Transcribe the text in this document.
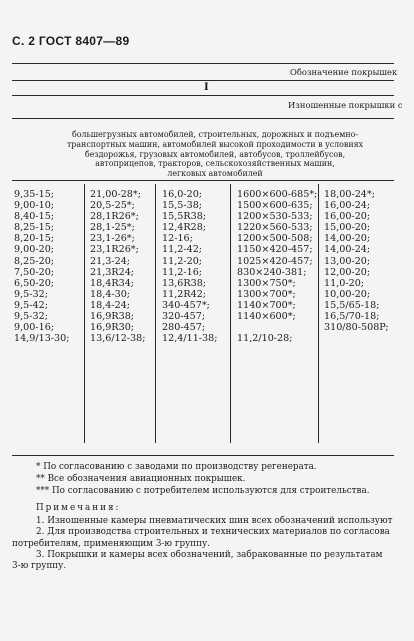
С. 2 ГОСТ 8407—89
Обозначение покрышек
I
Изношенные покрышки с
большегрузных автомобилей, строительных, дорожных и подъемно-
транспортных машин, автомобилей высокой проходимости в условиях
бездорожья, грузовых автомобилей, автобусов, троллейбусов,
автоприцепов, тракторов, сельскохозяйственных машин,
легковых автомобилей
9,35-15;
9,00-10;
8,40-15;
8,25-15;
8,20-15;
9,00-20;
8,25-20;
7,50-20;
6,50-20;
9,5-32;
9,5-42;
9,5-32;
9,00-16;
14,9/13-30;
21,00-28*;
20,5-25*;
28,1R26*;
28,1-25*;
23,1-26*;
23,1R26*;
21,3-24;
21,3R24;
18,4R34;
18,4-30;
18,4-24;
16,9R38;
16,9R30;
13,6/12-38;
16,0-20;
15,5-38;
15,5R38;
12,4R28;
12-16;
11,2-42;
11,2-20;
11,2-16;
13,6R38;
11,2R42;
340-457*;
320-457;
280-457;
12,4/11-38;
1600×600-685*;
1500×600-635;
1200×530-533;
1220×560-533;
1200×500-508;
1150×420-457;
1025×420-457;
830×240-381;
1300×750*;
1300×700*;
1140×700*;
1140×600*;
11,2/10-28;
18,00-24*;
16,00-24;
16,00-20;
15,00-20;
14,00-20;
14,00-24;
13,00-20;
12,00-20;
11,0-20;
10,00-20;
15,5/65-18;
16,5/70-18;
310/80-508P;
* По согласованию с заводами по производству регенерата.
** Все обозначения авиационных покрышек.
*** По согласованию с потребителем используются для строительства.
Примечания:
1. Изношенные камеры пневматических шин всех обозначений используют
2. Для производства строительных и технических материалов по согласова
потребителям, применяющим 3-ю группу.
3. Покрышки и камеры всех обозначений, забракованные по результатам
3-ю группу.
